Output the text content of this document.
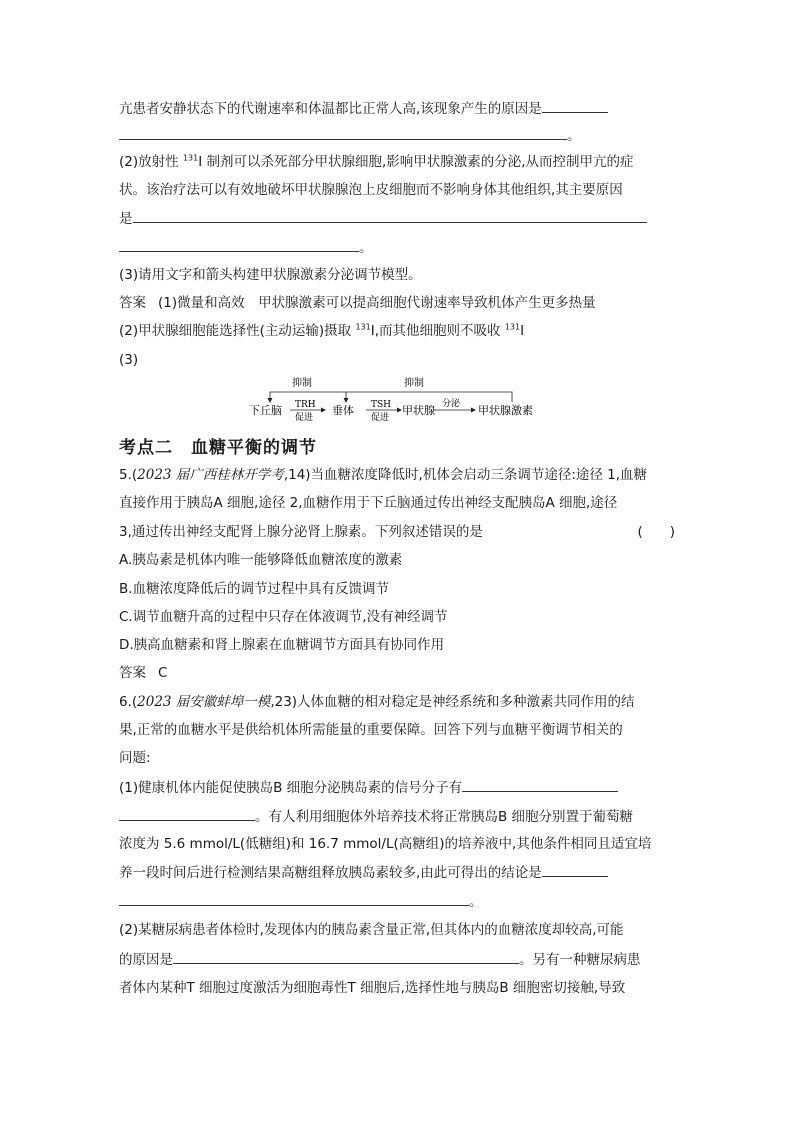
亢患者安静状态下的代谢速率和体温都比正常人高,该现象产生的原因是
。
(2)放射性 $^{131}$I 制剂可以杀死部分甲状腺细胞,影响甲状腺激素的分泌,从而控制甲亢的症
状。该治疗法可以有效地破坏甲状腺腺泡上皮细胞而不影响身体其他组织,其主要原因
是
。
(3)请用文字和箭头构建甲状腺激素分泌调节模型。
答案 (1)微量和高效　甲状腺激素可以提高细胞代谢速率导致机体产生更多热量
(2)甲状腺细胞能选择性(主动运输)摄取 $^{131}$I,而其他细胞则不吸收 $^{131}$I
(3)
抑制	抑制
TRH
促进
TSH
促进
分泌
下丘脑	垂体	甲状腺	甲状腺激素
考点二 血糖平衡的调节
5.(2023 届广西桂林开学考,14)当血糖浓度降低时,机体会启动三条调节途径:途径 1,血糖
直接作用于胰岛A 细胞,途径 2,血糖作用于下丘脑通过传出神经支配胰岛A 细胞,途径
3,通过传出神经支配肾上腺分泌肾上腺素。下列叙述错误的是	(　　)
A.胰岛素是机体内唯一能够降低血糖浓度的激素
B.血糖浓度降低后的调节过程中具有反馈调节
C.调节血糖升高的过程中只存在体液调节,没有神经调节
D.胰高血糖素和肾上腺素在血糖调节方面具有协同作用
答案 C
6.(2023 届安徽蚌埠一模,23)人体血糖的相对稳定是神经系统和多种激素共同作用的结
果,正常的血糖水平是供给机体所需能量的重要保障。回答下列与血糖平衡调节相关的
问题:
(1)健康机体内能促使胰岛B 细胞分泌胰岛素的信号分子有
。有人利用细胞体外培养技术将正常胰岛B 细胞分别置于葡萄糖
浓度为 5.6 mmol/L(低糖组)和 16.7 mmol/L(高糖组)的培养液中,其他条件相同且适宜培
养一段时间后进行检测结果高糖组释放胰岛素较多,由此可得出的结论是
。
(2)某糖尿病患者体检时,发现体内的胰岛素含量正常,但其体内的血糖浓度却较高,可能
的原因是	。另有一种糖尿病患
者体内某种T 细胞过度激活为细胞毒性T 细胞后,选择性地与胰岛B 细胞密切接触,导致
